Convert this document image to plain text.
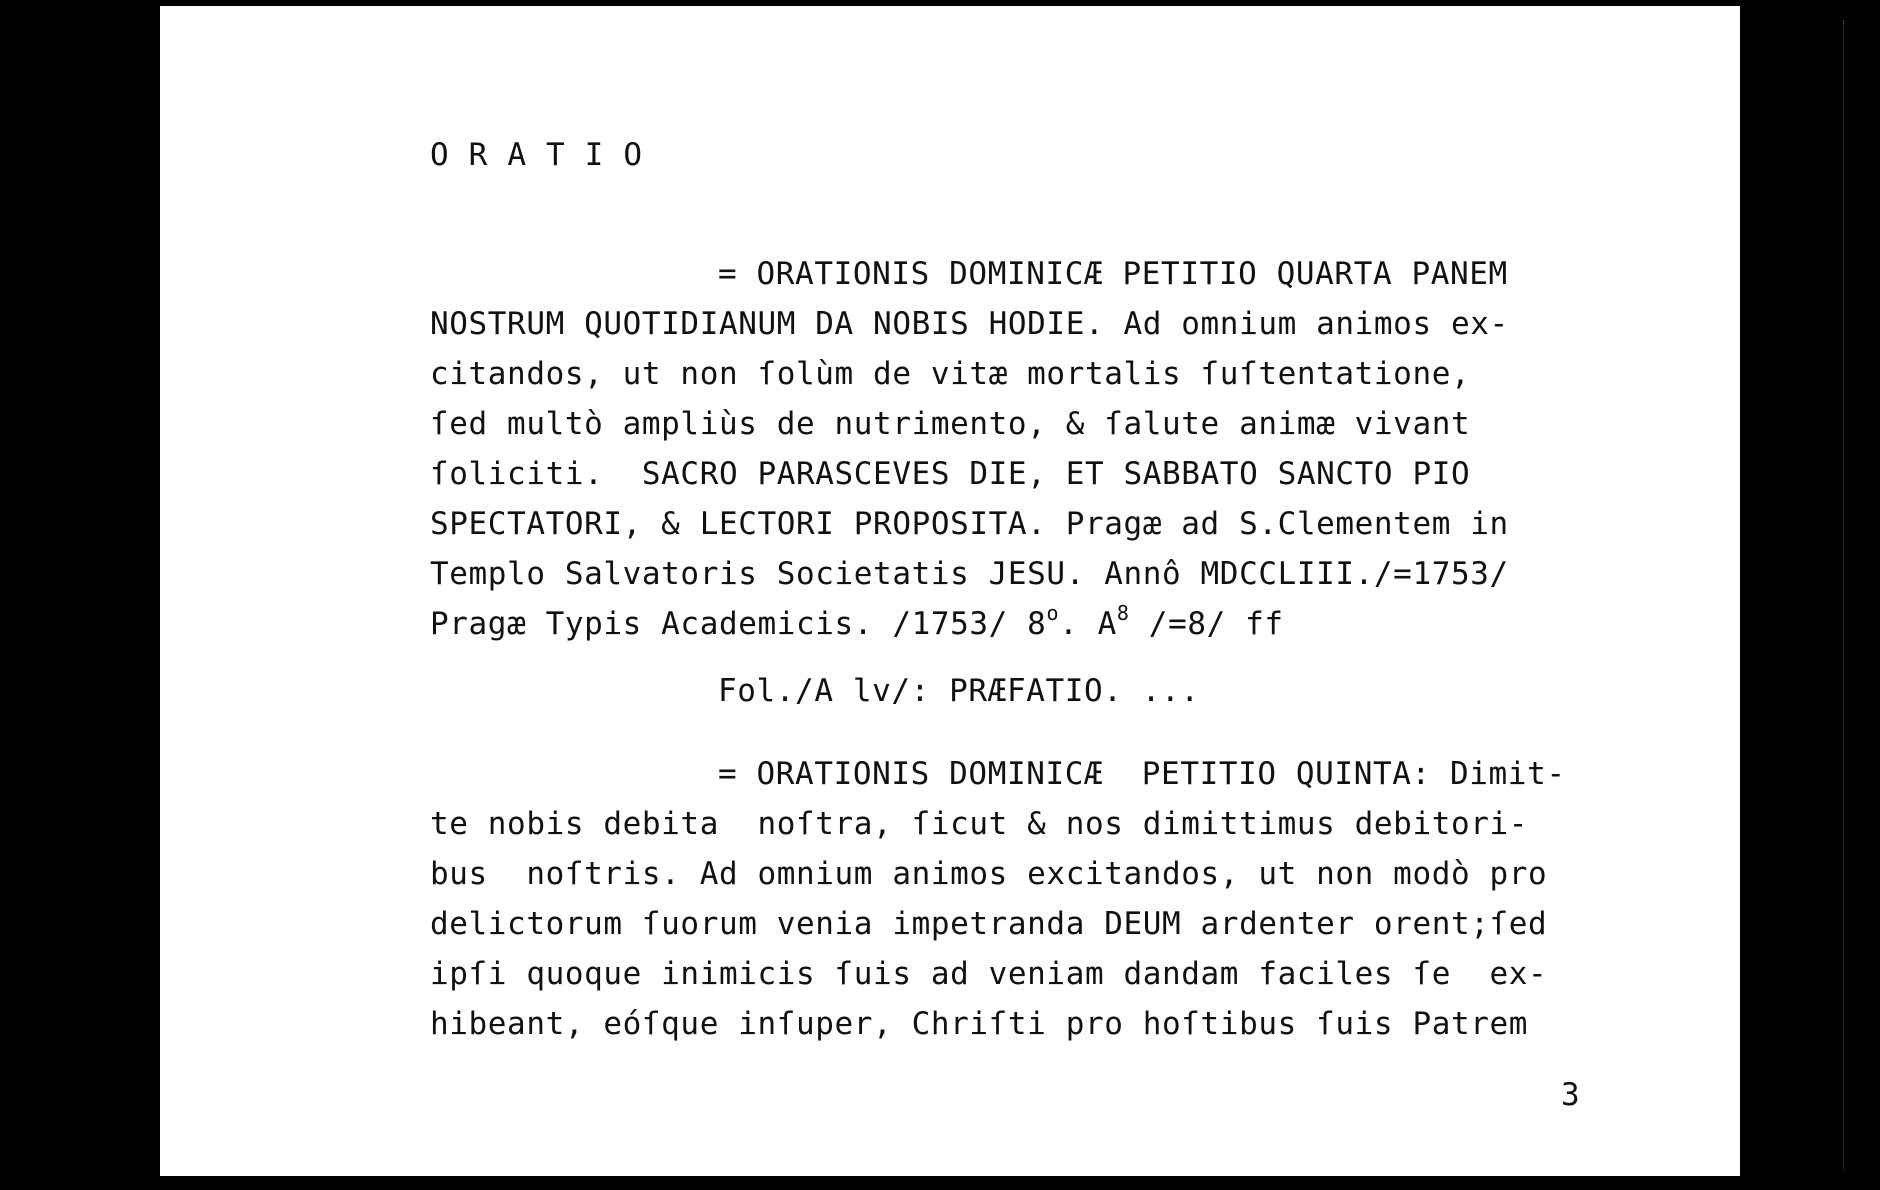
ORATIO
= ORATIONIS DOMINICÆ PETITIO QUARTA PANEM
NOSTRUM QUOTIDIANUM DA NOBIS HODIE. Ad omnium animos ex-
citandos, ut non ſolùm de vitæ mortalis ſuſtentatione,
ſed multò ampliùs de nutrimento, & ſalute animæ vivant
ſoliciti.  SACRO PARASCEVES DIE, ET SABBATO SANCTO PIO
SPECTATORI, & LECTORI PROPOSITA. Pragæ ad S.Clementem in
Templo Salvatoris Societatis JESU. Annô MDCCLIII./=1753/
Pragæ Typis Academicis. /1753/ 8$^o$. $A^8$ /=8/ ff
Fol./A lv/: PRÆFATIO. ...
= ORATIONIS DOMINICÆ  PETITIO QUINTA: Dimit-
te nobis debita  noſtra, ſicut & nos dimittimus debitori-
bus  noſtris. Ad omnium animos excitandos, ut non modò pro
delictorum ſuorum venia impetranda DEUM ardenter orent;ſed
ipſi quoque inimicis ſuis ad veniam dandam faciles ſe  ex-
hibeant, eóſque inſuper, Chriſti pro hoſtibus ſuis Patrem
3
